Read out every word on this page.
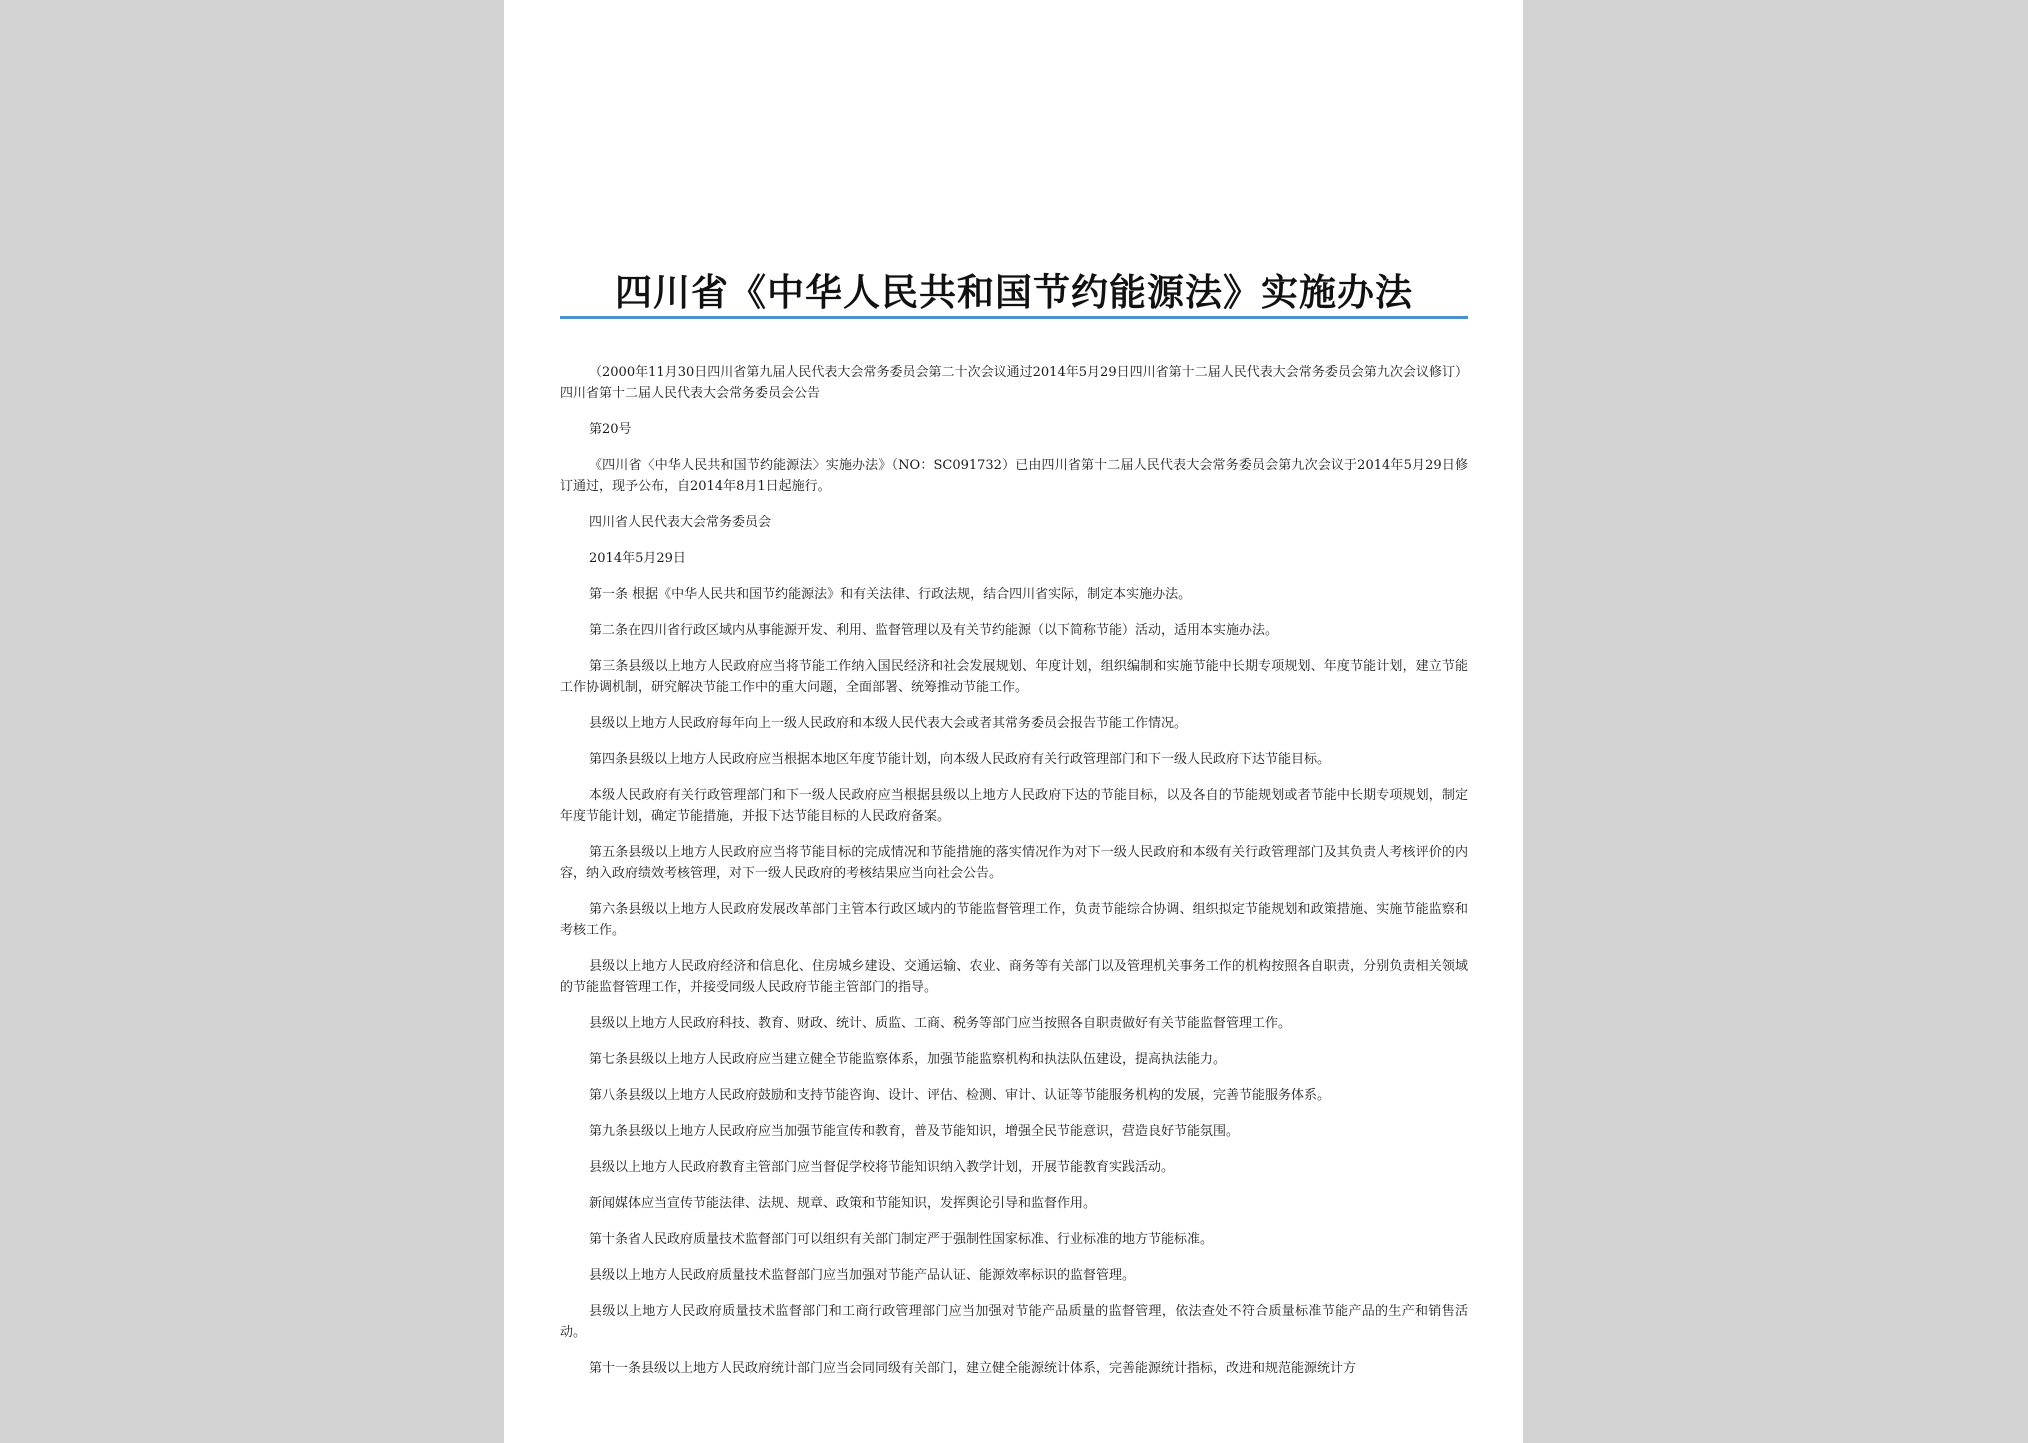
四川省《中华人民共和国节约能源法》实施办法

（2000年11月30日四川省第九届人民代表大会常务委员会第二十次会议通过2014年5月29日四川省第十二届人民代表大会常务委员会第九次会议修订）四川省第十二届人民代表大会常务委员会公告

第20号

《四川省〈中华人民共和国节约能源法〉实施办法》（NO：SC091732）已由四川省第十二届人民代表大会常务委员会第九次会议于2014年5月29日修订通过，现予公布，自2014年8月1日起施行。

四川省人民代表大会常务委员会

2014年5月29日

第一条 根据《中华人民共和国节约能源法》和有关法律、行政法规，结合四川省实际，制定本实施办法。

第二条在四川省行政区域内从事能源开发、利用、监督管理以及有关节约能源（以下简称节能）活动，适用本实施办法。

第三条县级以上地方人民政府应当将节能工作纳入国民经济和社会发展规划、年度计划，组织编制和实施节能中长期专项规划、年度节能计划，建立节能工作协调机制，研究解决节能工作中的重大问题，全面部署、统筹推动节能工作。

县级以上地方人民政府每年向上一级人民政府和本级人民代表大会或者其常务委员会报告节能工作情况。

第四条县级以上地方人民政府应当根据本地区年度节能计划，向本级人民政府有关行政管理部门和下一级人民政府下达节能目标。

本级人民政府有关行政管理部门和下一级人民政府应当根据县级以上地方人民政府下达的节能目标，以及各自的节能规划或者节能中长期专项规划，制定年度节能计划，确定节能措施，并报下达节能目标的人民政府备案。

第五条县级以上地方人民政府应当将节能目标的完成情况和节能措施的落实情况作为对下一级人民政府和本级有关行政管理部门及其负责人考核评价的内容，纳入政府绩效考核管理，对下一级人民政府的考核结果应当向社会公告。

第六条县级以上地方人民政府发展改革部门主管本行政区域内的节能监督管理工作，负责节能综合协调、组织拟定节能规划和政策措施、实施节能监察和考核工作。

县级以上地方人民政府经济和信息化、住房城乡建设、交通运输、农业、商务等有关部门以及管理机关事务工作的机构按照各自职责，分别负责相关领域的节能监督管理工作，并接受同级人民政府节能主管部门的指导。

县级以上地方人民政府科技、教育、财政、统计、质监、工商、税务等部门应当按照各自职责做好有关节能监督管理工作。

第七条县级以上地方人民政府应当建立健全节能监察体系，加强节能监察机构和执法队伍建设，提高执法能力。

第八条县级以上地方人民政府鼓励和支持节能咨询、设计、评估、检测、审计、认证等节能服务机构的发展，完善节能服务体系。

第九条县级以上地方人民政府应当加强节能宣传和教育，普及节能知识，增强全民节能意识，营造良好节能氛围。

县级以上地方人民政府教育主管部门应当督促学校将节能知识纳入教学计划，开展节能教育实践活动。

新闻媒体应当宣传节能法律、法规、规章、政策和节能知识，发挥舆论引导和监督作用。

第十条省人民政府质量技术监督部门可以组织有关部门制定严于强制性国家标准、行业标准的地方节能标准。

县级以上地方人民政府质量技术监督部门应当加强对节能产品认证、能源效率标识的监督管理。

县级以上地方人民政府质量技术监督部门和工商行政管理部门应当加强对节能产品质量的监督管理，依法查处不符合质量标准节能产品的生产和销售活动。

第十一条县级以上地方人民政府统计部门应当会同同级有关部门，建立健全能源统计体系，完善能源统计指标，改进和规范能源统计方
